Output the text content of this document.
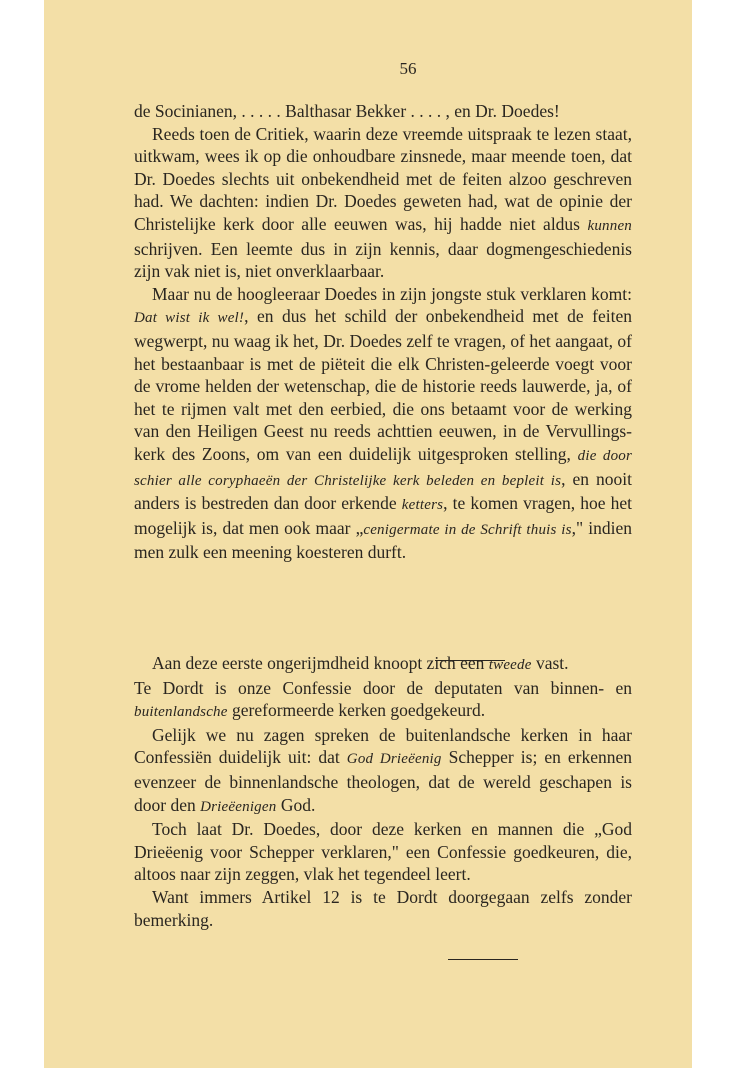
56

de Socinianen, . . . . . Balthasar Bekker . . . . , en Dr. Doedes!

Reeds toen de Critiek, waarin deze vreemde uitspraak te lezen staat, uitkwam, wees ik op die onhoudbare zinsnede, maar meende toen, dat Dr. Doedes slechts uit onbekendheid met de feiten alzoo geschreven had. We dachten: indien Dr. Doedes geweten had, wat de opinie der Christelijke kerk door alle eeuwen was, hij hadde niet aldus kunnen schrijven. Een leemte dus in zijn kennis, daar dogmengeschiedenis zijn vak niet is, niet onverklaarbaar.

Maar nu de hoogleeraar Doedes in zijn jongste stuk verklaren komt: Dat wist ik wel!, en dus het schild der onbekendheid met de feiten wegwerpt, nu waag ik het, Dr. Doedes zelf te vragen, of het aangaat, of het bestaanbaar is met de piëteit die elk Christen-geleerde voegt voor de vrome helden der wetenschap, die de historie reeds lauwerde, ja, of het te rijmen valt met den eerbied, die ons betaamt voor de werking van den Heiligen Geest nu reeds achttien eeuwen, in de Vervullings-kerk des Zoons, om van een duidelijk uitgesproken stelling, die door schier alle coryphaeën der Christelijke kerk beleden en bepleit is, en nooit anders is bestreden dan door erkende ketters, te komen vragen, hoe het mogelijk is, dat men ook maar „cenigermate in de Schrift thuis is," indien men zulk een meening koesteren durft.

Aan deze eerste ongerijmdheid knoopt zich een tweede vast.

Te Dordt is onze Confessie door de deputaten van binnen- en buitenlandsche gereformeerde kerken goedgekeurd.

Gelijk we nu zagen spreken de buitenlandsche kerken in haar Confessiën duidelijk uit: dat God Drieëenig Schepper is; en erkennen evenzeer de binnenlandsche theologen, dat de wereld geschapen is door den Drieëenigen God.

Toch laat Dr. Doedes, door deze kerken en mannen die „God Drieëenig voor Schepper verklaren," een Confessie goedkeuren, die, altoos naar zijn zeggen, vlak het tegendeel leert.

Want immers Artikel 12 is te Dordt doorgegaan zelfs zonder bemerking.
